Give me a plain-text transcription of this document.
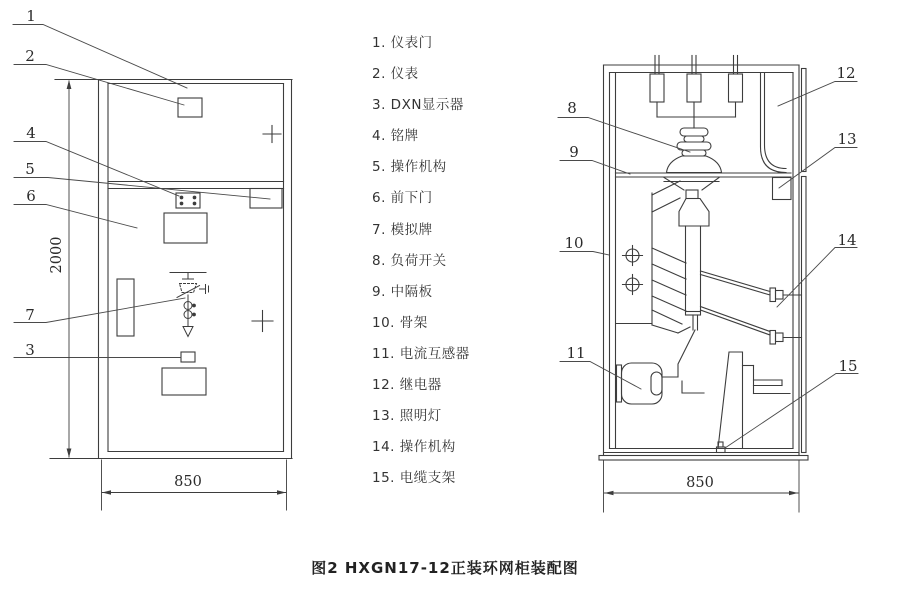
1
2
4
5
6
7
3
8
9
10
11
12
13
14
15
2000
850	850
1. 仪表门
2. 仪表
3. DXN显示器
4. 铭牌
5. 操作机构
6. 前下门
7. 模拟牌
8. 负荷开关
9. 中隔板
10. 骨架
11. 电流互感器
12. 继电器
13. 照明灯
14. 操作机构
15. 电缆支架
图2 HXGN17-12正装环网柜装配图
